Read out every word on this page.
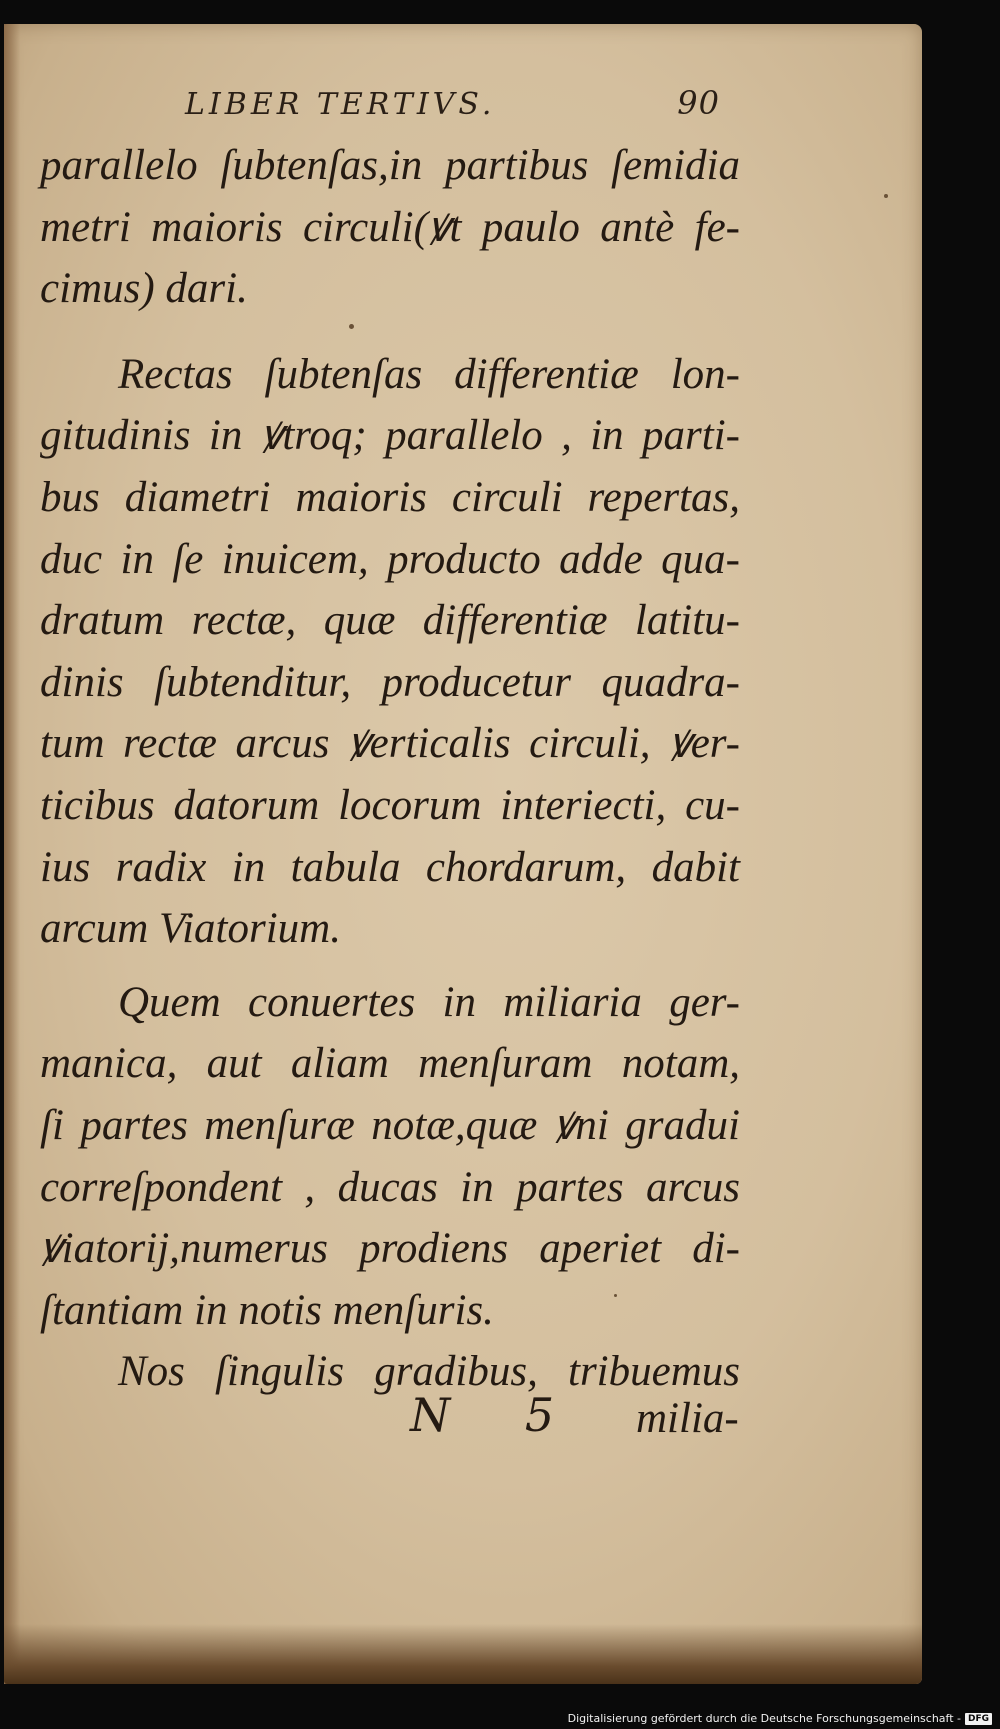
LIBER TERTIVS.	90
parallelo ſubtenſas,in partibus ſemidia
metri maioris circuli(ꝟt paulo antè fe-
cimus) dari.
Rectas ſubtenſas differentiæ lon-
gitudinis in ꝟtroq; parallelo , in parti-
bus diametri maioris circuli repertas,
duc in ſe inuicem, producto adde qua-
dratum rectæ, quæ differentiæ latitu-
dinis ſubtenditur, producetur quadra-
tum rectæ arcus ꝟerticalis circuli, ꝟer-
ticibus datorum locorum interiecti, cu-
ius radix in tabula chordarum, dabit
arcum Viatorium.
Quem conuertes in miliaria ger-
manica, aut aliam menſuram notam,
ſi partes menſuræ notæ,quæ ꝟni gradui
correſpondent , ducas in partes arcus
ꝟiatorij,numerus prodiens aperiet di-
ſtantiam in notis menſuris.
Nos ſingulis gradibus, tribuemus
N 5 milia-
Digitalisierung gefördert durch die Deutsche Forschungsgemeinschaft - DFG
